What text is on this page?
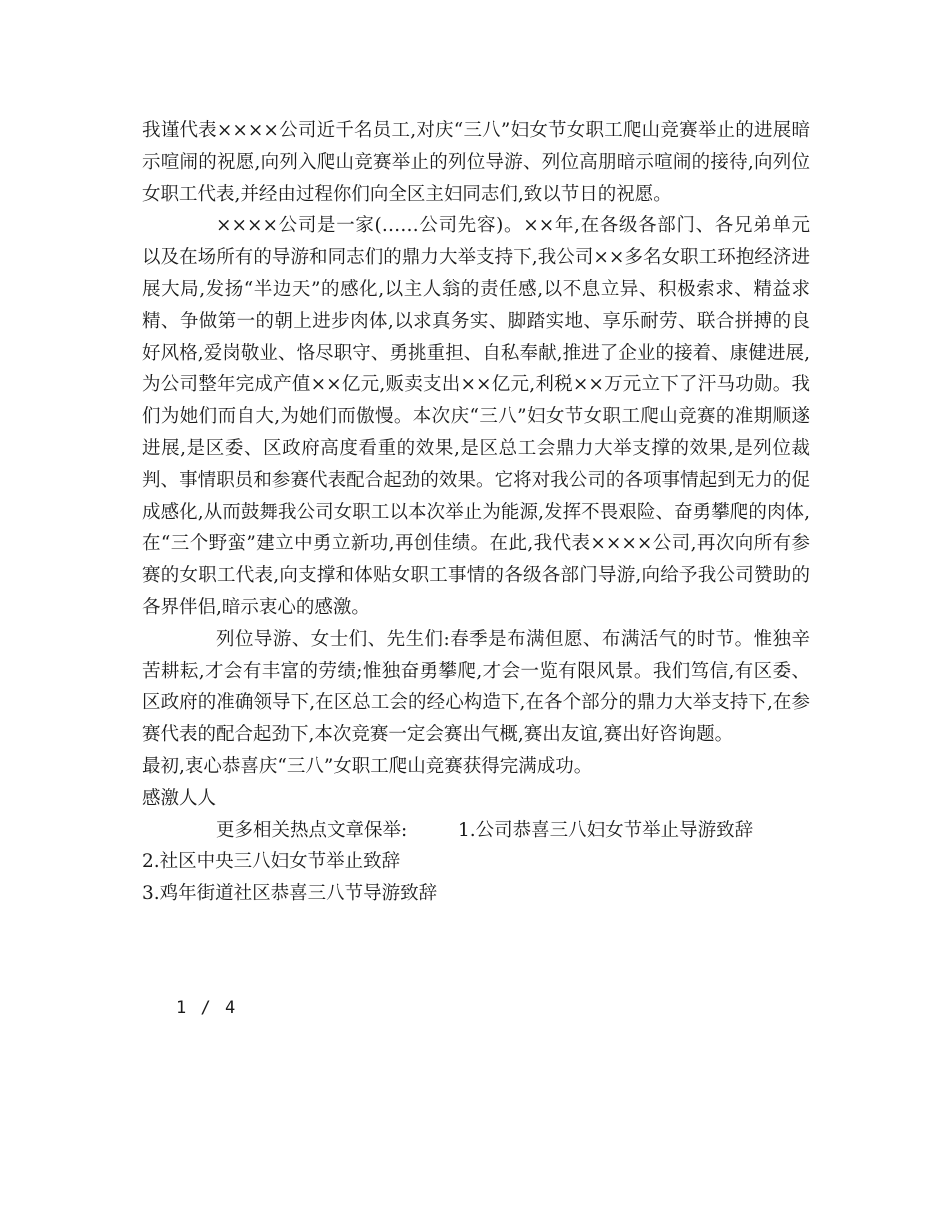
我谨代表××××公司近千名员工,对庆“三八”妇女节女职工爬山竞赛举止的进展暗示喧闹的祝愿,向列入爬山竞赛举止的列位导游、列位高朋暗示喧闹的接待,向列位女职工代表,并经由过程你们向全区主妇同志们,致以节日的祝愿。

××××公司是一家(……公司先容)。××年,在各级各部门、各兄弟单元以及在场所有的导游和同志们的鼎力大举支持下,我公司××多名女职工环抱经济进展大局,发扬“半边天”的感化,以主人翁的责任感,以不息立异、积极索求、精益求精、争做第一的朝上进步肉体,以求真务实、脚踏实地、享乐耐劳、联合拼搏的良好风格,爱岗敬业、恪尽职守、勇挑重担、自私奉献,推进了企业的接着、康健进展,为公司整年完成产值××亿元,贩卖支出××亿元,利税××万元立下了汗马功勋。我们为她们而自大,为她们而傲慢。本次庆“三八”妇女节女职工爬山竞赛的准期顺遂进展,是区委、区政府高度看重的效果,是区总工会鼎力大举支撑的效果,是列位裁判、事情职员和参赛代表配合起劲的效果。它将对我公司的各项事情起到无力的促成感化,从而鼓舞我公司女职工以本次举止为能源,发挥不畏艰险、奋勇攀爬的肉体,在“三个野蛮”建立中勇立新功,再创佳绩。在此,我代表××××公司,再次向所有参赛的女职工代表,向支撑和体贴女职工事情的各级各部门导游,向给予我公司赞助的各界伴侣,暗示衷心的感激。

列位导游、女士们、先生们:春季是布满但愿、布满活气的时节。惟独辛苦耕耘,才会有丰富的劳绩;惟独奋勇攀爬,才会一览有限风景。我们笃信,有区委、区政府的准确领导下,在区总工会的经心构造下,在各个部分的鼎力大举支持下,在参赛代表的配合起劲下,本次竞赛一定会赛出气概,赛出友谊,赛出好咨询题。

最初,衷心恭喜庆“三八”女职工爬山竞赛获得完满成功。

感激人人

更多相关热点文章保举:	1.公司恭喜三八妇女节举止导游致辞

2.社区中央三八妇女节举止致辞

3.鸡年街道社区恭喜三八节导游致辞

1 / 4
